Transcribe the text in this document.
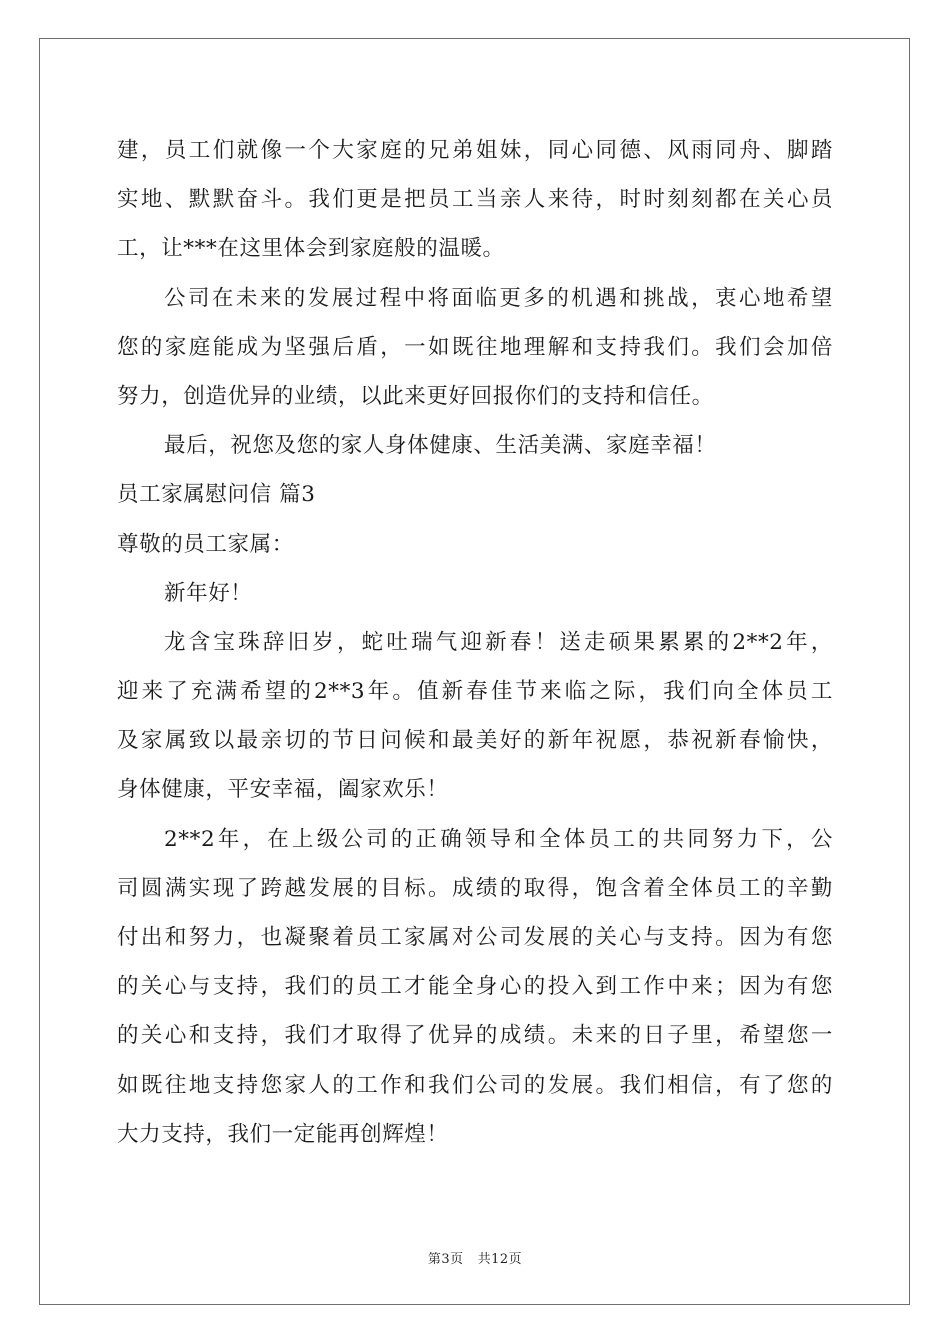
建，员工们就像一个大家庭的兄弟姐妹，同心同德、风雨同舟、脚踏
实地、默默奋斗。我们更是把员工当亲人来待，时时刻刻都在关心员
工，让***在这里体会到家庭般的温暖。
公司在未来的发展过程中将面临更多的机遇和挑战，衷心地希望
您的家庭能成为坚强后盾，一如既往地理解和支持我们。我们会加倍
努力，创造优异的业绩，以此来更好回报你们的支持和信任。
最后，祝您及您的家人身体健康、生活美满、家庭幸福！
员工家属慰问信 篇3
尊敬的员工家属：
新年好！
龙含宝珠辞旧岁，蛇吐瑞气迎新春！送走硕果累累的2**2年，
迎来了充满希望的2**3年。值新春佳节来临之际，我们向全体员工
及家属致以最亲切的节日问候和最美好的新年祝愿，恭祝新春愉快，
身体健康，平安幸福，阖家欢乐！
2**2年，在上级公司的正确领导和全体员工的共同努力下，公
司圆满实现了跨越发展的目标。成绩的取得，饱含着全体员工的辛勤
付出和努力，也凝聚着员工家属对公司发展的关心与支持。因为有您
的关心与支持，我们的员工才能全身心的投入到工作中来；因为有您
的关心和支持，我们才取得了优异的成绩。未来的日子里，希望您一
如既往地支持您家人的工作和我们公司的发展。我们相信，有了您的
大力支持，我们一定能再创辉煌！
第3页 共12页
